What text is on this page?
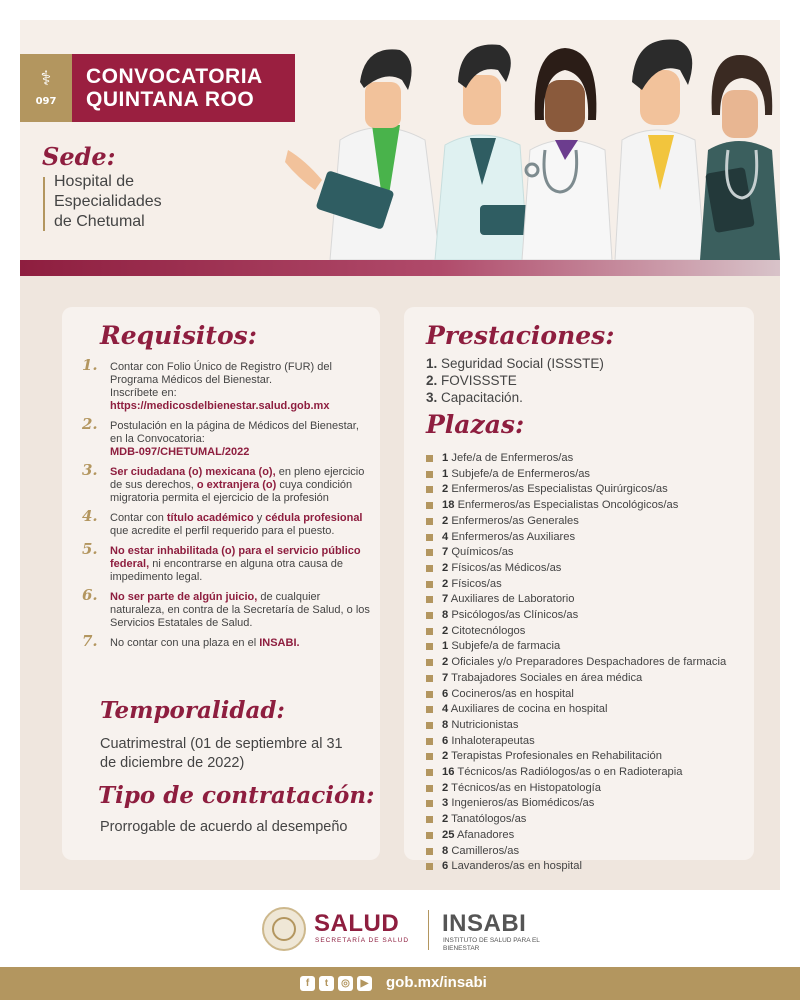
⚕
097
CONVOCATORIA
QUINTANA ROO
Sede:
Hospital de
Especialidades
de Chetumal
Requisitos:
1. Contar con Folio Único de Registro (FUR) del Programa Médicos del Bienestar.
Inscríbete en:
https://medicosdelbienestar.salud.gob.mx
2. Postulación en la página de Médicos del Bienestar, en la Convocatoria:
MDB-097/CHETUMAL/2022
3. Ser ciudadana (o) mexicana (o), en pleno ejercicio de sus derechos, o extranjera (o) cuya condición migratoria permita el ejercicio de la profesión
4. Contar con título académico y cédula profesional que acredite el perfil requerido para el puesto.
5. No estar inhabilitada (o) para el servicio público federal, ni encontrarse en alguna otra causa de impedimento legal.
6. No ser parte de algún juicio, de cualquier naturaleza, en contra de la Secretaría de Salud, o los Servicios Estatales de Salud.
7. No contar con una plaza en el INSABI.
Temporalidad:
Cuatrimestral (01 de septiembre al 31 de diciembre de 2022)
Tipo de contratación:
Prorrogable de acuerdo al desempeño
Prestaciones:
1. Seguridad Social (ISSSTE)
2. FOVISSSTE
3. Capacitación.
Plazas:
1 Jefe/a de Enfermeros/as
1 Subjefe/a de Enfermeros/as
2 Enfermeros/as Especialistas Quirúrgicos/as
18 Enfermeros/as Especialistas Oncológicos/as
2 Enfermeros/as Generales
4 Enfermeros/as Auxiliares
7 Químicos/as
2 Físicos/as Médicos/as
2 Físicos/as
7 Auxiliares de Laboratorio
8 Psicólogos/as Clínicos/as
2 Citotecnólogos
1 Subjefe/a de farmacia
2 Oficiales y/o Preparadores Despachadores de farmacia
7 Trabajadores Sociales en área médica
6 Cocineros/as en hospital
4 Auxiliares de cocina en hospital
8 Nutricionistas
6 Inhaloterapeutas
2 Terapistas Profesionales en Rehabilitación
16 Técnicos/as Radiólogos/as o en Radioterapia
2 Técnicos/as en Histopatología
3 Ingenieros/as Biomédicos/as
2 Tanatólogos/as
25 Afanadores
8 Camilleros/as
6 Lavanderos/as en hospital
SALUD
SECRETARÍA DE SALUD
INSABI
INSTITUTO DE SALUD PARA EL BIENESTAR
f	t	◎	▶ gob.mx/insabi
